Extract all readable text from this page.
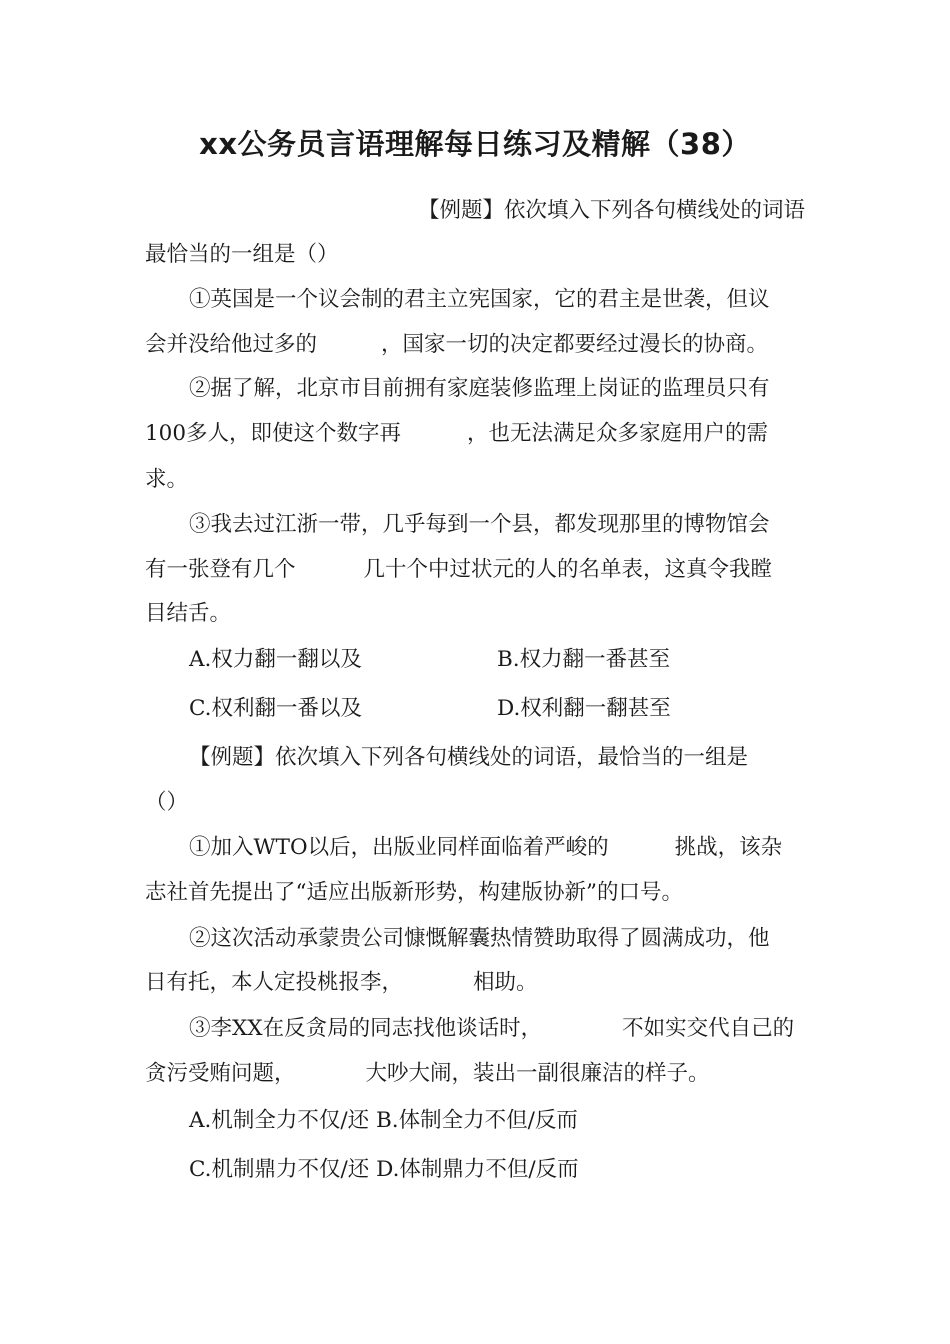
xx公务员言语理解每日练习及精解（38）
【例题】依次填入下列各句横线处的词语
最恰当的一组是（）
①英国是一个议会制的君主立宪国家，它的君主是世袭，但议
会并没给他过多的	，国家一切的决定都要经过漫长的协商。
②据了解，北京市目前拥有家庭装修监理上岗证的监理员只有
100多人，即使这个数字再	，也无法满足众多家庭用户的需
求。
③我去过江浙一带，几乎每到一个县，都发现那里的博物馆会
有一张登有几个	几十个中过状元的人的名单表，这真令我瞠
目结舌。
A.权力翻一翻以及	B.权力翻一番甚至
C.权利翻一番以及	D.权利翻一翻甚至
【例题】依次填入下列各句横线处的词语，最恰当的一组是
（）
①加入WTO以后，出版业同样面临着严峻的	挑战，该杂
志社首先提出了“适应出版新形势，构建版协新”的口号。
②这次活动承蒙贵公司慷慨解囊热情赞助取得了圆满成功，他
日有托，本人定投桃报李，	相助。
③李XX在反贪局的同志找他谈话时，	不如实交代自己的
贪污受贿问题，	大吵大闹，装出一副很廉洁的样子。
A.机制全力不仅/还 B.体制全力不但/反而
C.机制鼎力不仅/还 D.体制鼎力不但/反而
